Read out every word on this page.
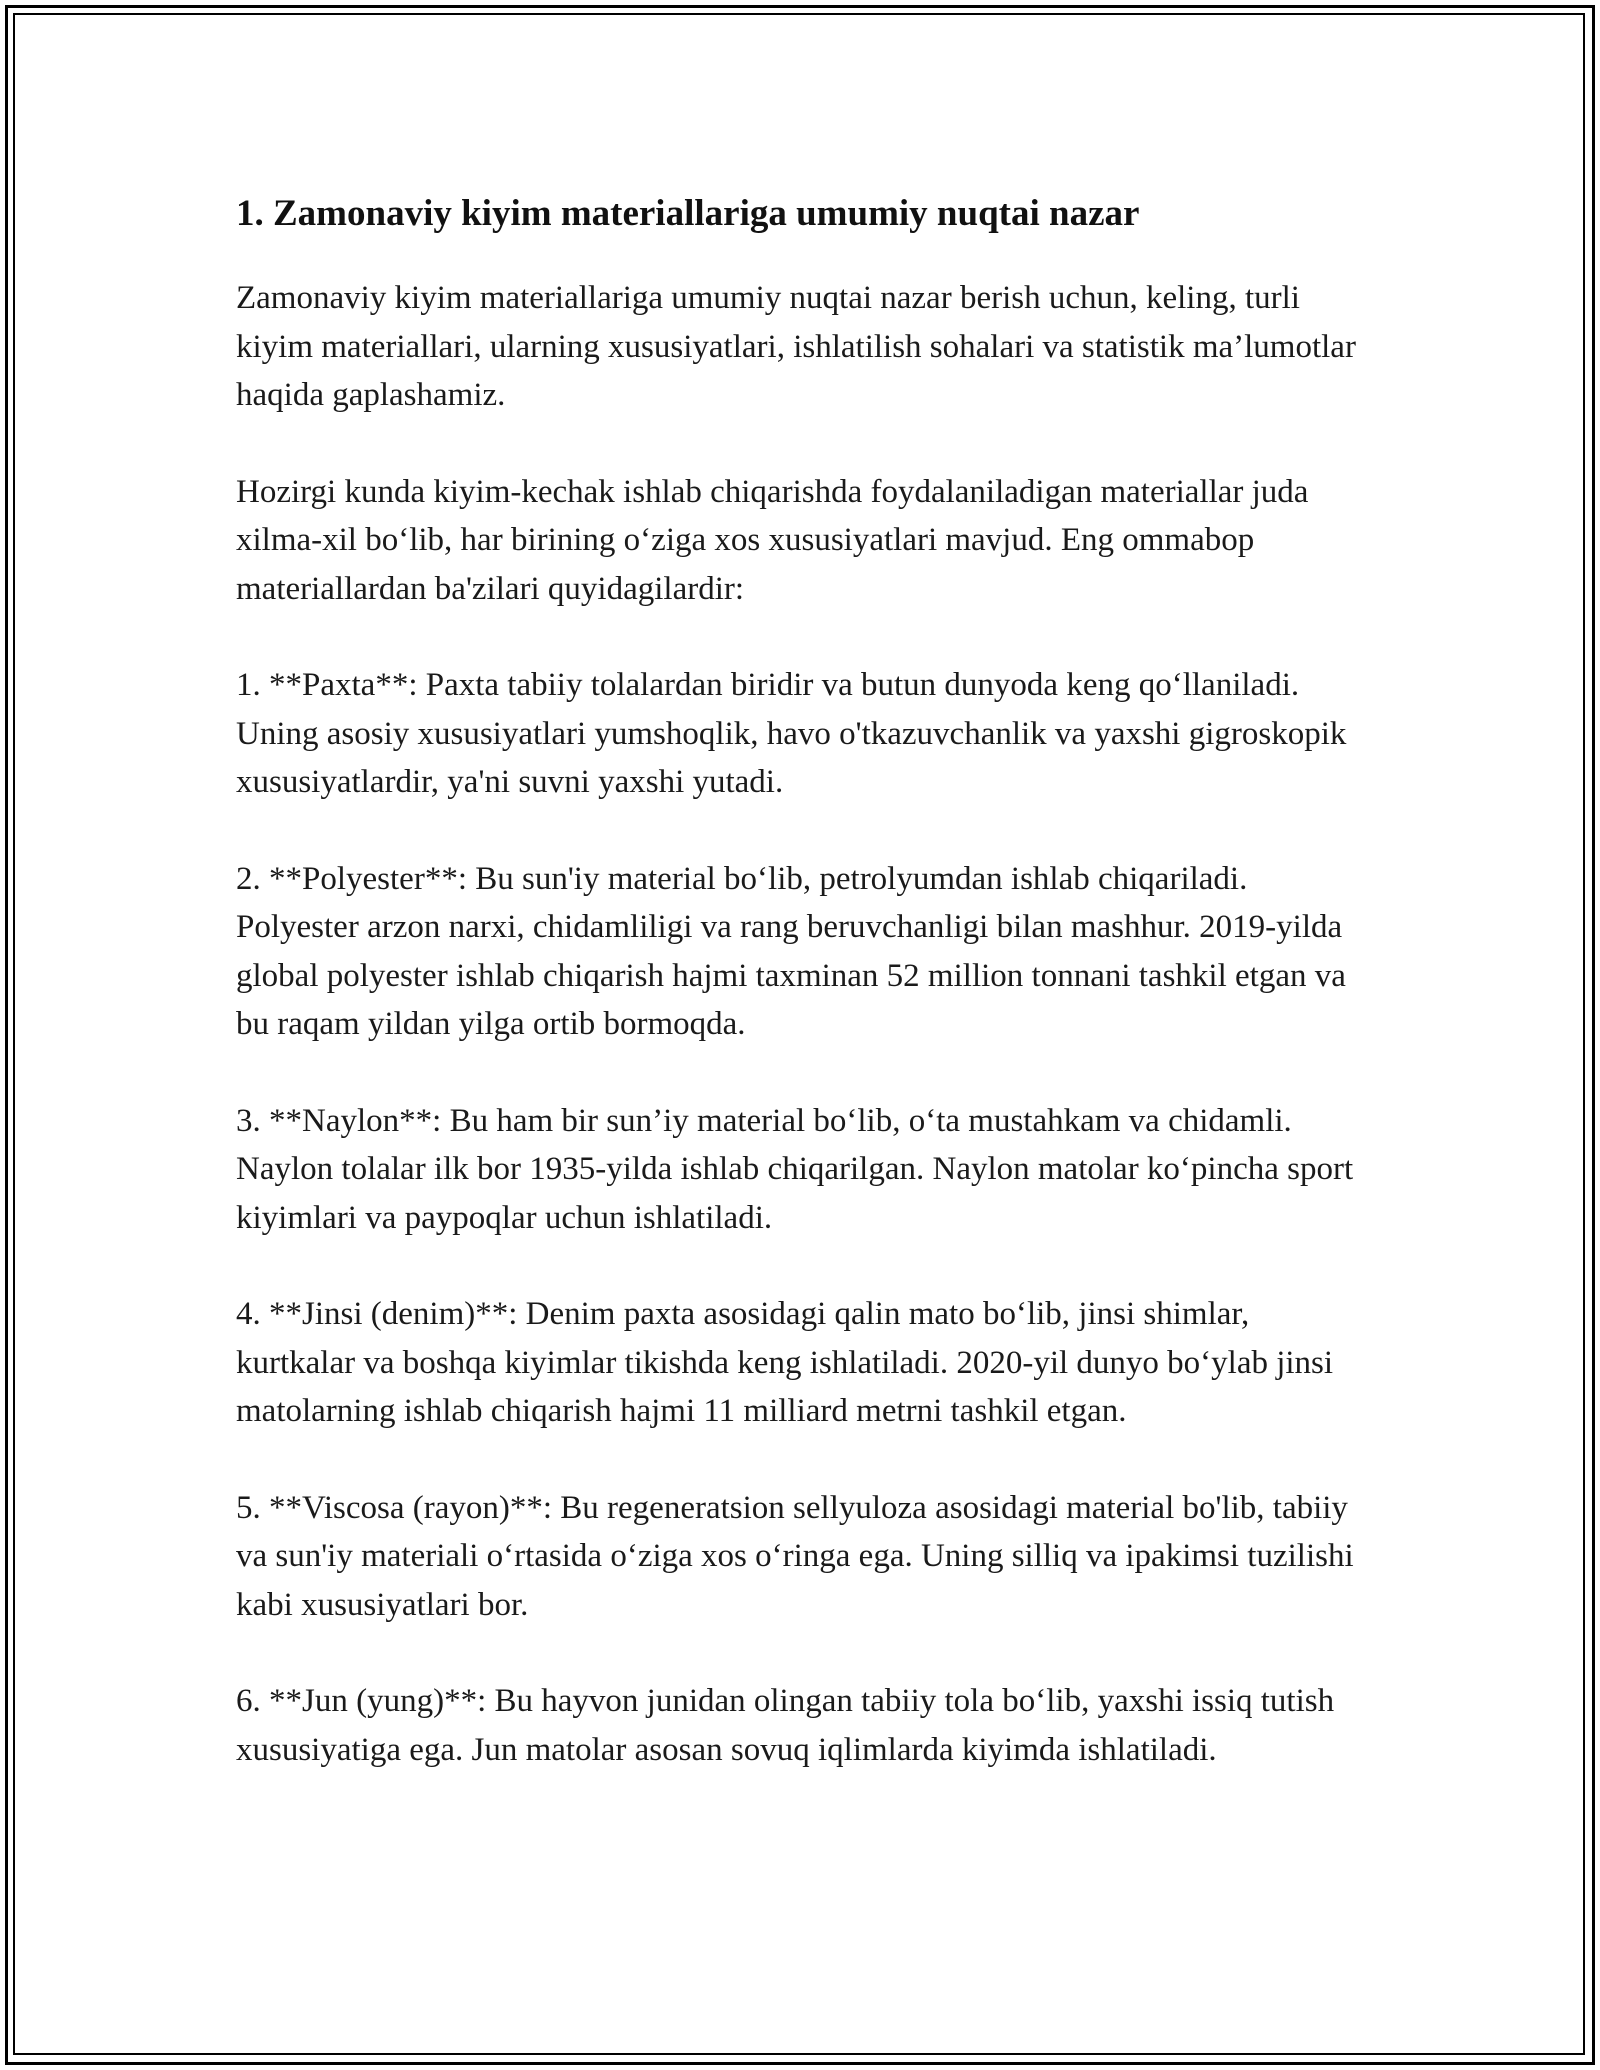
1. Zamonaviy kiyim materiallariga umumiy nuqtai nazar

Zamonaviy kiyim materiallariga umumiy nuqtai nazar berish uchun, keling, turli kiyim materiallari, ularning xususiyatlari, ishlatilish sohalari va statistik ma’lumotlar haqida gaplashamiz.

Hozirgi kunda kiyim-kechak ishlab chiqarishda foydalaniladigan materiallar juda xilma-xil bo‘lib, har birining o‘ziga xos xususiyatlari mavjud. Eng ommabop materiallardan ba'zilari quyidagilardir:

1. **Paxta**: Paxta tabiiy tolalardan biridir va butun dunyoda keng qo‘llaniladi. Uning asosiy xususiyatlari yumshoqlik, havo o'tkazuvchanlik va yaxshi gigroskopik xususiyatlardir, ya'ni suvni yaxshi yutadi.

2. **Polyester**: Bu sun'iy material bo‘lib, petrolyumdan ishlab chiqariladi. Polyester arzon narxi, chidamliligi va rang beruvchanligi bilan mashhur. 2019-yilda global polyester ishlab chiqarish hajmi taxminan 52 million tonnani tashkil etgan va bu raqam yildan yilga ortib bormoqda.

3. **Naylon**: Bu ham bir sun’iy material bo‘lib, o‘ta mustahkam va chidamli. Naylon tolalar ilk bor 1935-yilda ishlab chiqarilgan. Naylon matolar ko‘pincha sport kiyimlari va paypoqlar uchun ishlatiladi.

4. **Jinsi (denim)**: Denim paxta asosidagi qalin mato bo‘lib, jinsi shimlar, kurtkalar va boshqa kiyimlar tikishda keng ishlatiladi. 2020-yil dunyo bo‘ylab jinsi matolarning ishlab chiqarish hajmi 11 milliard metrni tashkil etgan.

5. **Viscosa (rayon)**: Bu regeneratsion sellyuloza asosidagi material bo'lib, tabiiy va sun'iy materiali o‘rtasida o‘ziga xos o‘ringa ega. Uning silliq va ipakimsi tuzilishi kabi xususiyatlari bor.

6. **Jun (yung)**: Bu hayvon junidan olingan tabiiy tola bo‘lib, yaxshi issiq tutish xususiyatiga ega. Jun matolar asosan sovuq iqlimlarda kiyimda ishlatiladi.
